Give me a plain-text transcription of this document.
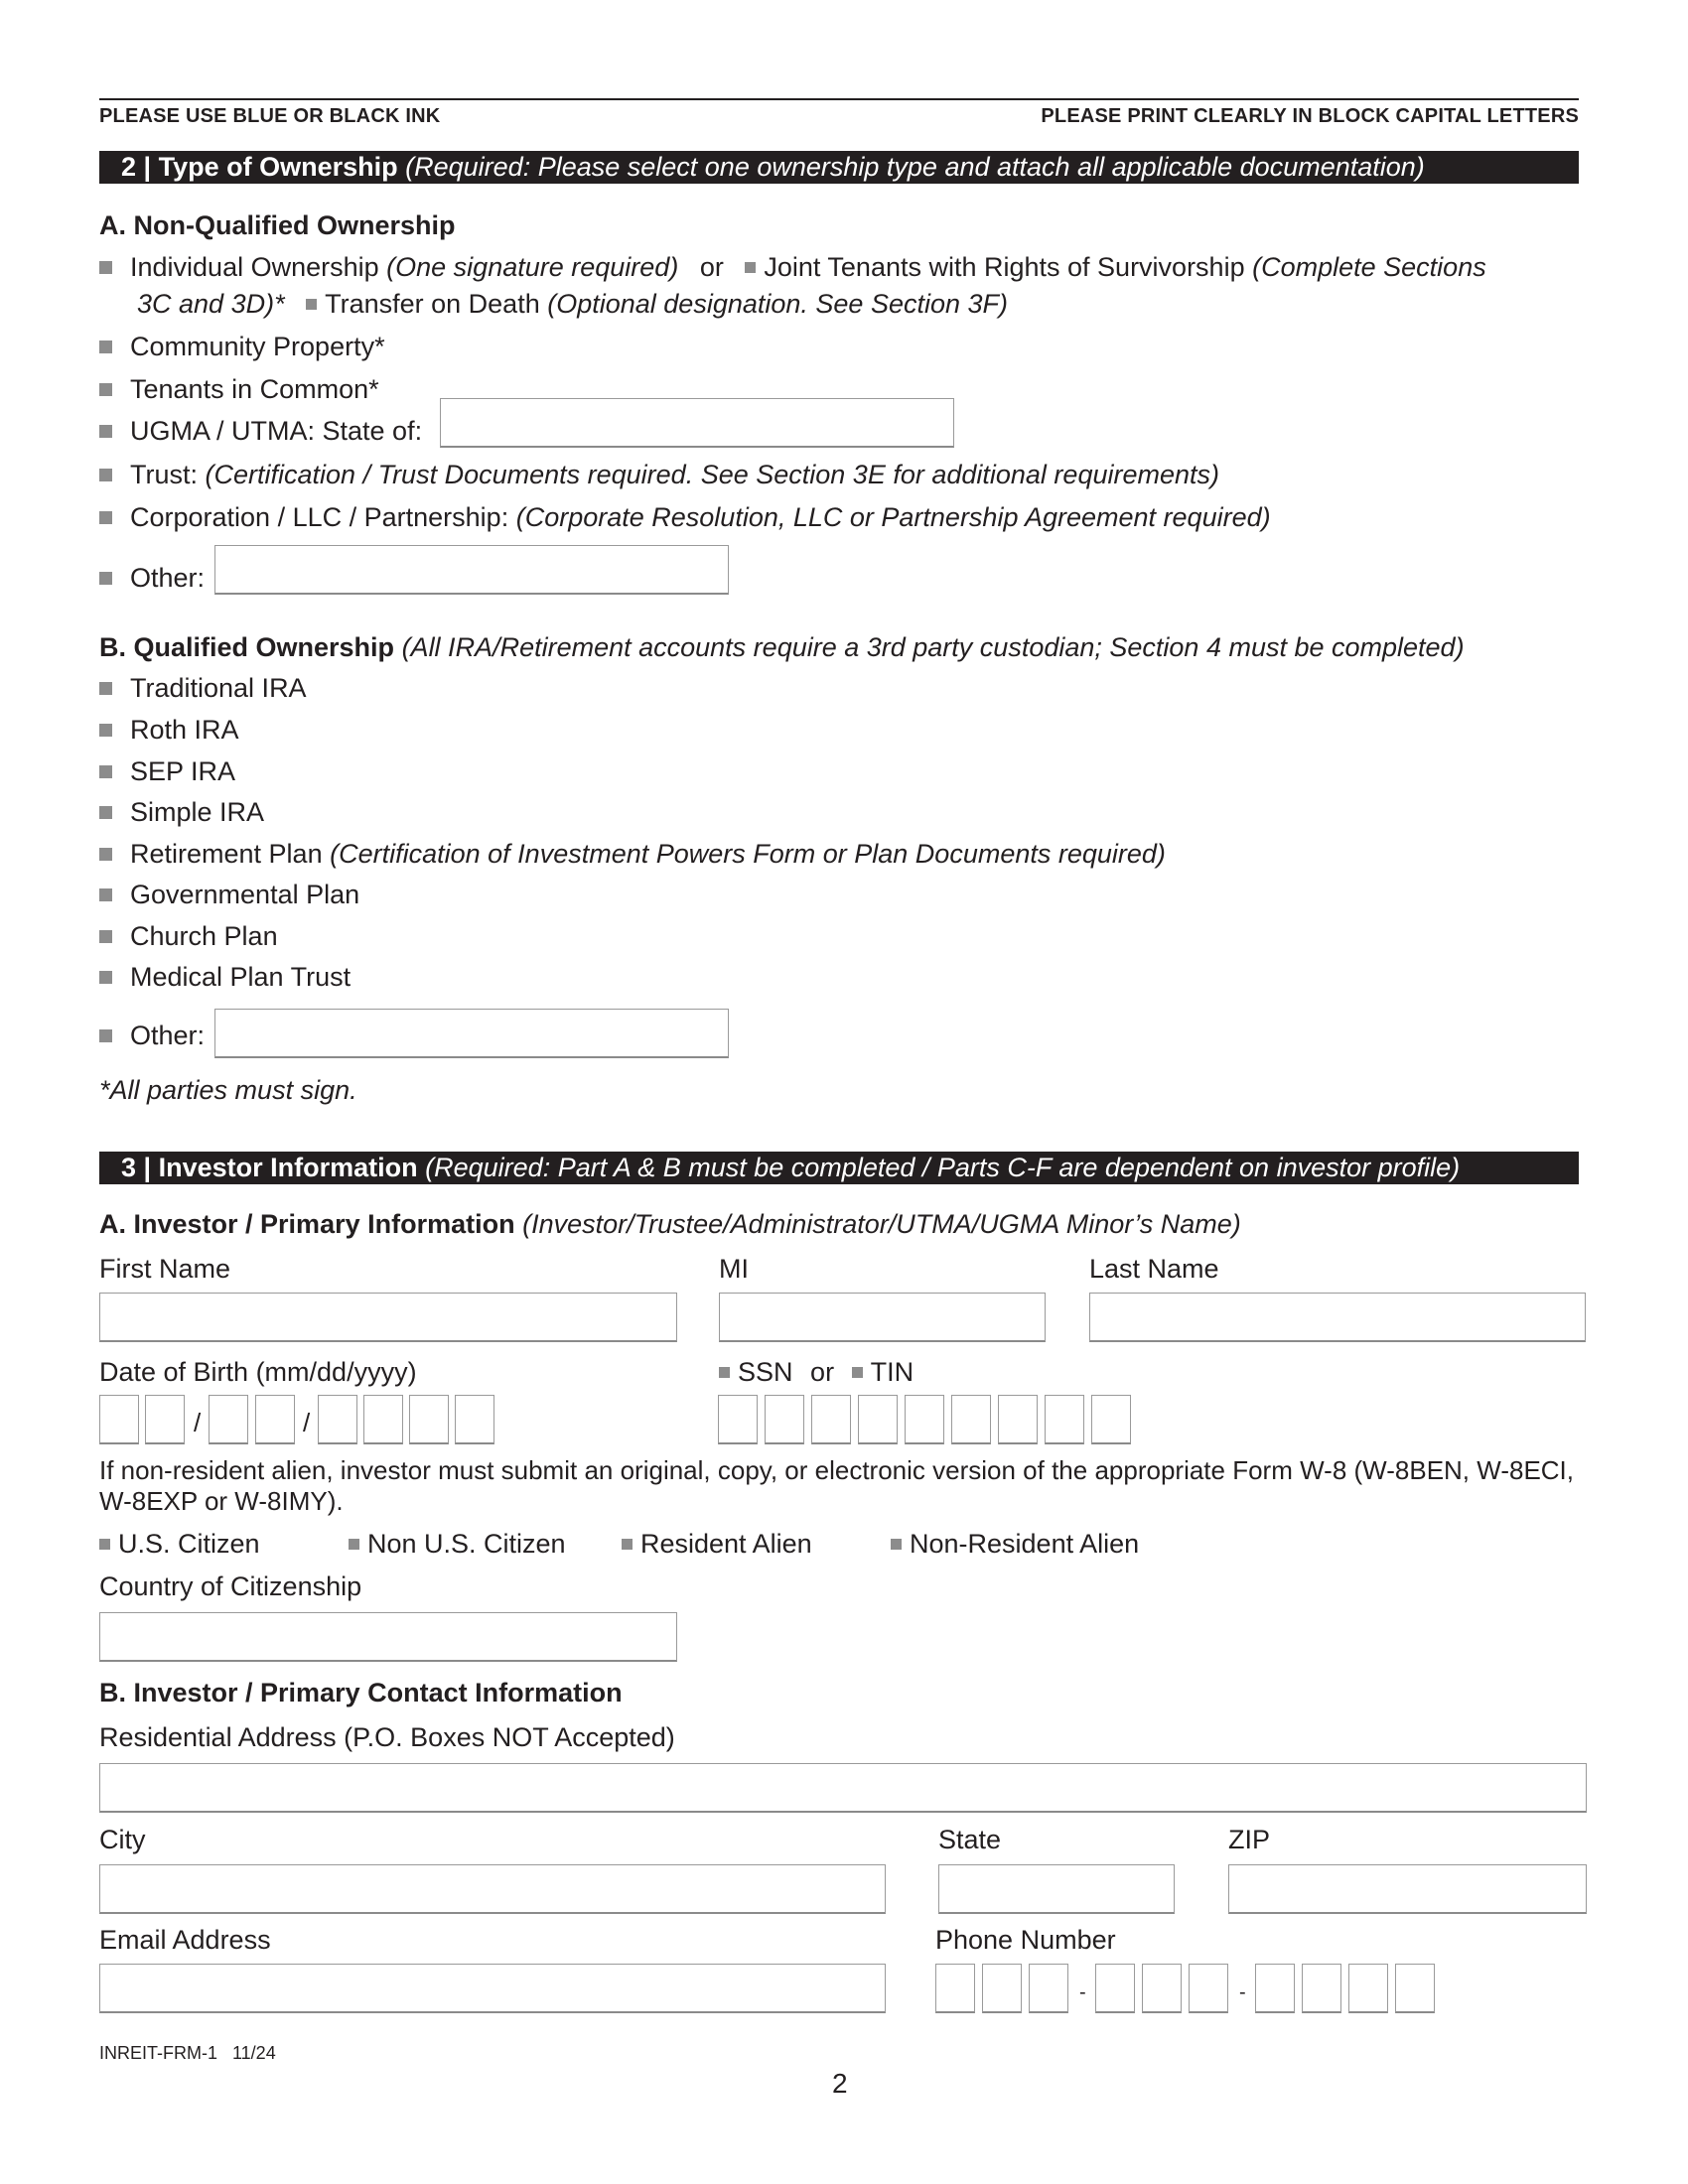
PLEASE USE BLUE OR BLACK INK	PLEASE PRINT CLEARLY IN BLOCK CAPITAL LETTERS
2 | Type of Ownership (Required: Please select one ownership type and attach all applicable documentation)
A. Non-Qualified Ownership
Individual Ownership (One signature required) or Joint Tenants with Rights of Survivorship (Complete Sections
3C and 3D)* Transfer on Death (Optional designation. See Section 3F)
Community Property*
Tenants in Common*
UGMA / UTMA: State of:
Trust: (Certification / Trust Documents required. See Section 3E for additional requirements)
Corporation / LLC / Partnership: (Corporate Resolution, LLC or Partnership Agreement required)
Other:
B. Qualified Ownership (All IRA/Retirement accounts require a 3rd party custodian; Section 4 must be completed)
Traditional IRA
Roth IRA
SEP IRA
Simple IRA
Retirement Plan (Certification of Investment Powers Form or Plan Documents required)
Governmental Plan
Church Plan
Medical Plan Trust
Other:
*All parties must sign.
3 | Investor Information (Required: Part A & B must be completed / Parts C-F are dependent on investor profile)
A. Investor / Primary Information (Investor/Trustee/Administrator/UTMA/UGMA Minor’s Name)
First Name	MI	Last Name
Date of Birth (mm/dd/yyyy)	SSN or TIN
/	/
If non-resident alien, investor must submit an original, copy, or electronic version of the appropriate Form W-8 (W-8BEN, W-8ECI, W-8EXP or W-8IMY).
U.S. Citizen	Non U.S. Citizen	Resident Alien	Non-Resident Alien
Country of Citizenship
B. Investor / Primary Contact Information
Residential Address (P.O. Boxes NOT Accepted)
City	State	ZIP
Email Address	Phone Number
-	-
INREIT-FRM-1   11/24
2
